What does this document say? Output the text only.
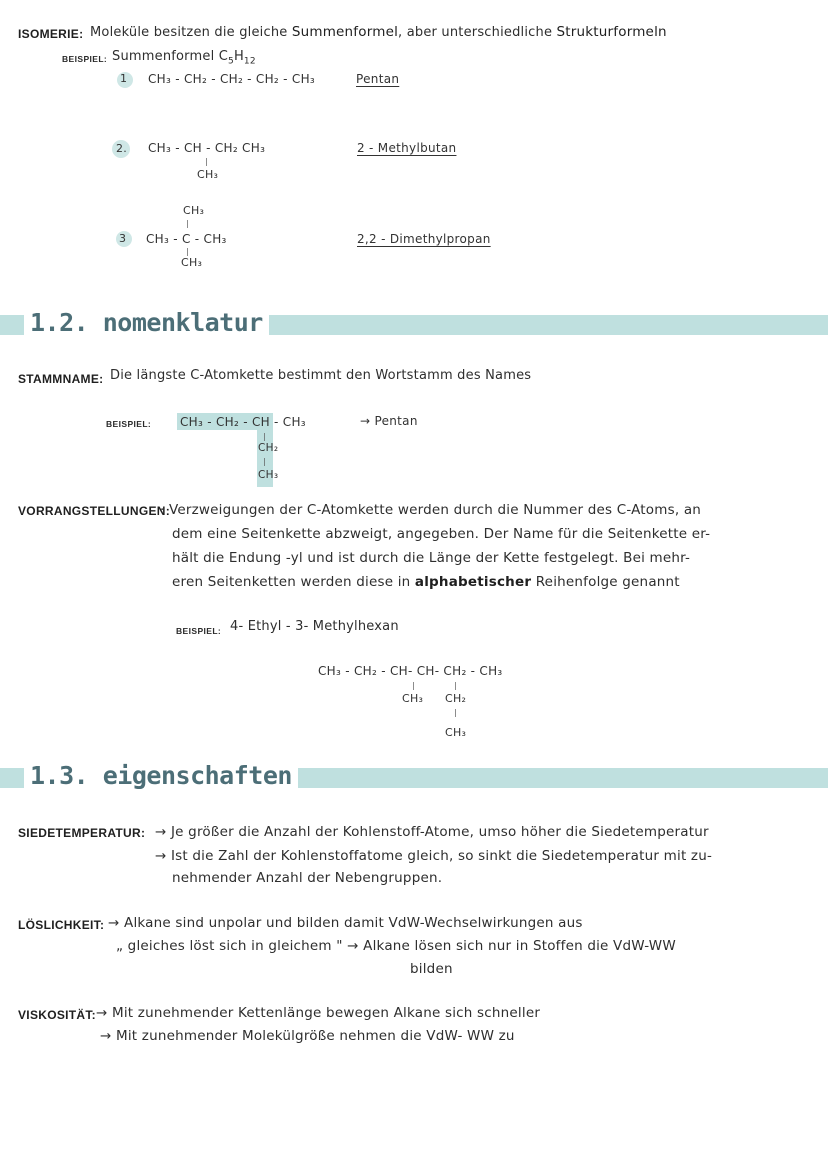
ISOMERIE: Moleküle besitzen die gleiche Summenformel, aber unterschiedliche Strukturformeln
BEISPIEL: Summenformel $C_5H_{12}$
1 CH₃ - CH₂ - CH₂ - CH₂ - CH₃	Pentan
2. CH₃ - CH - CH₂ CH₃
|
CH₃
2 - Methylbutan
CH₃
|
3 CH₃ - C - CH₃
|
CH₃
2,2 - Dimethylpropan
1.2. nomenklatur
STAMMNAME: Die längste C-Atomkette bestimmt den Wortstamm des Names
BEISPIEL: CH₃ - CH₂ - CH - CH₃	→ Pentan
|
CH₂
|
CH₃
VORRANGSTELLUNGEN:
· Verzweigungen der C-Atomkette werden durch die Nummer des C-Atoms, an
dem eine Seitenkette abzweigt, angegeben. Der Name für die Seitenkette er-
hält die Endung -yl und ist durch die Länge der Kette festgelegt. Bei mehr-
eren Seitenketten werden diese in alphabetischer Reihenfolge genannt
BEISPIEL: 4- Ethyl - 3- Methylhexan
CH₃ - CH₂ - CH- CH- CH₂ - CH₃
|	|
CH₃ CH₂
|
CH₃
1.3. eigenschaften
SIEDETEMPERATUR: → Je größer die Anzahl der Kohlenstoff-Atome, umso höher die Siedetemperatur
→ Ist die Zahl der Kohlenstoffatome gleich, so sinkt die Siedetemperatur mit zu-
nehmender Anzahl der Nebengruppen.
LÖSLICHKEIT: → Alkane sind unpolar und bilden damit VdW-Wechselwirkungen aus
„ gleiches löst sich in gleichem " → Alkane lösen sich nur in Stoffen die VdW-WW
bilden
VISKOSITÄT: → Mit zunehmender Kettenlänge bewegen Alkane sich schneller
→ Mit zunehmender Molekülgröße nehmen die VdW- WW zu
